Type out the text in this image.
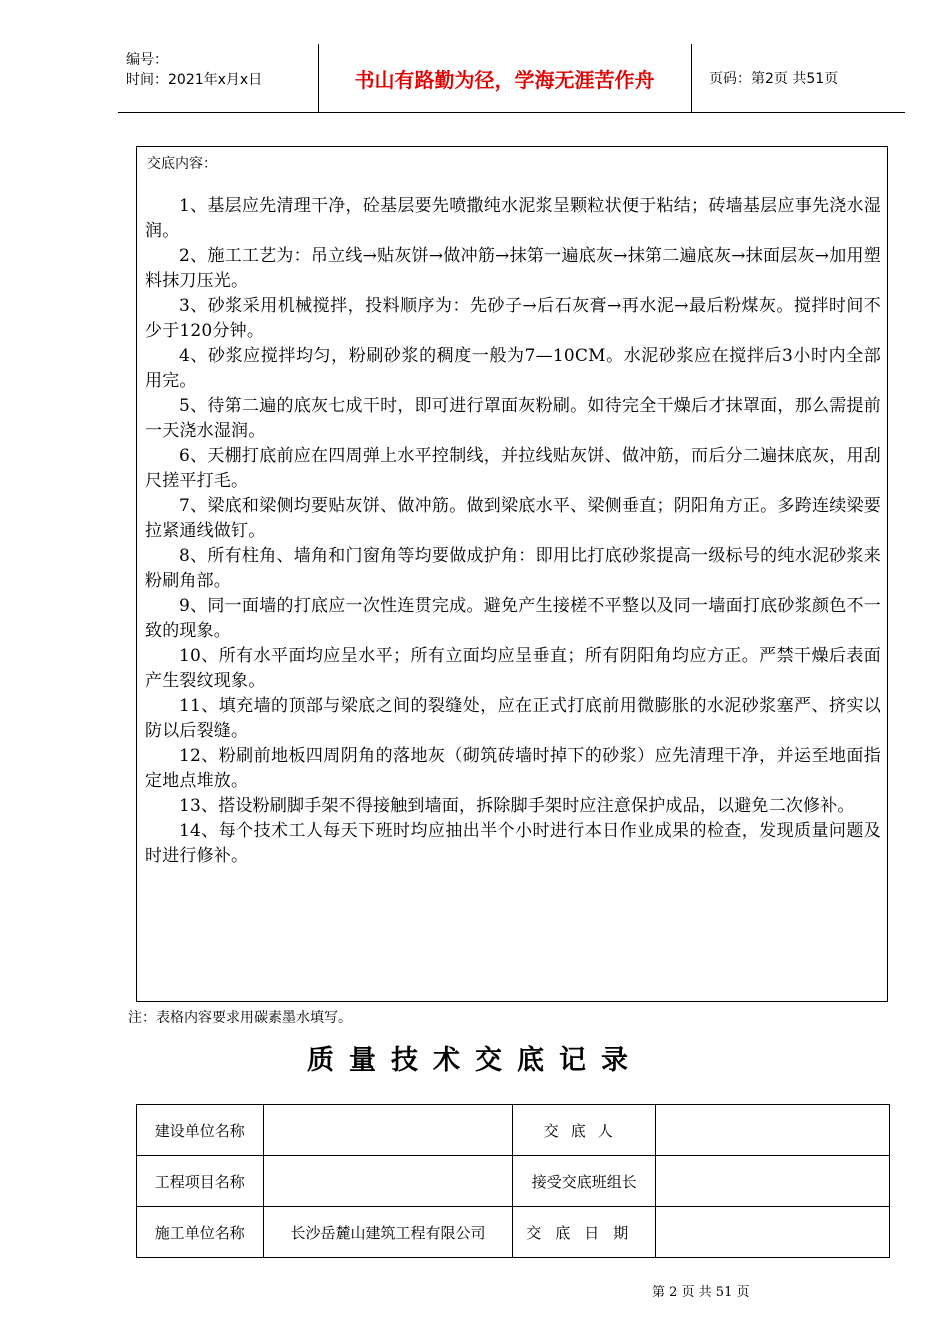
编号：
时间：2021年x月x日	书山有路勤为径，学海无涯苦作舟	页码：第2页 共51页
交底内容：

1、基层应先清理干净，砼基层要先喷撒纯水泥浆呈颗粒状便于粘结；砖墙基层应事先浇水湿润。

2、施工工艺为：吊立线→贴灰饼→做冲筋→抹第一遍底灰→抹第二遍底灰→抹面层灰→加用塑料抹刀压光。

3、砂浆采用机械搅拌，投料顺序为：先砂子→后石灰膏→再水泥→最后粉煤灰。搅拌时间不少于120分钟。

4、砂浆应搅拌均匀，粉刷砂浆的稠度一般为7—10CM。水泥砂浆应在搅拌后3小时内全部用完。

5、待第二遍的底灰七成干时，即可进行罩面灰粉刷。如待完全干燥后才抹罩面，那么需提前一天浇水湿润。

6、天棚打底前应在四周弹上水平控制线，并拉线贴灰饼、做冲筋，而后分二遍抹底灰，用刮尺搓平打毛。

7、梁底和梁侧均要贴灰饼、做冲筋。做到梁底水平、梁侧垂直；阴阳角方正。多跨连续梁要拉紧通线做钉。

8、所有柱角、墙角和门窗角等均要做成护角：即用比打底砂浆提高一级标号的纯水泥砂浆来粉刷角部。

9、同一面墙的打底应一次性连贯完成。避免产生接槎不平整以及同一墙面打底砂浆颜色不一致的现象。

10、所有水平面均应呈水平；所有立面均应呈垂直；所有阴阳角均应方正。严禁干燥后表面产生裂纹现象。

11、填充墙的顶部与梁底之间的裂缝处，应在正式打底前用微膨胀的水泥砂浆塞严、挤实以防以后裂缝。

12、粉刷前地板四周阴角的落地灰（砌筑砖墙时掉下的砂浆）应先清理干净，并运至地面指定地点堆放。

13、搭设粉刷脚手架不得接触到墙面，拆除脚手架时应注意保护成品，以避免二次修补。

14、每个技术工人每天下班时均应抽出半个小时进行本日作业成果的检查，发现质量问题及时进行修补。

注：表格内容要求用碳素墨水填写。
质量技术交底记录
建设单位名称		交底人	
工程项目名称		接受交底班组长	
施工单位名称	长沙岳麓山建筑工程有限公司	交底日期	
第 2 页 共 51 页
